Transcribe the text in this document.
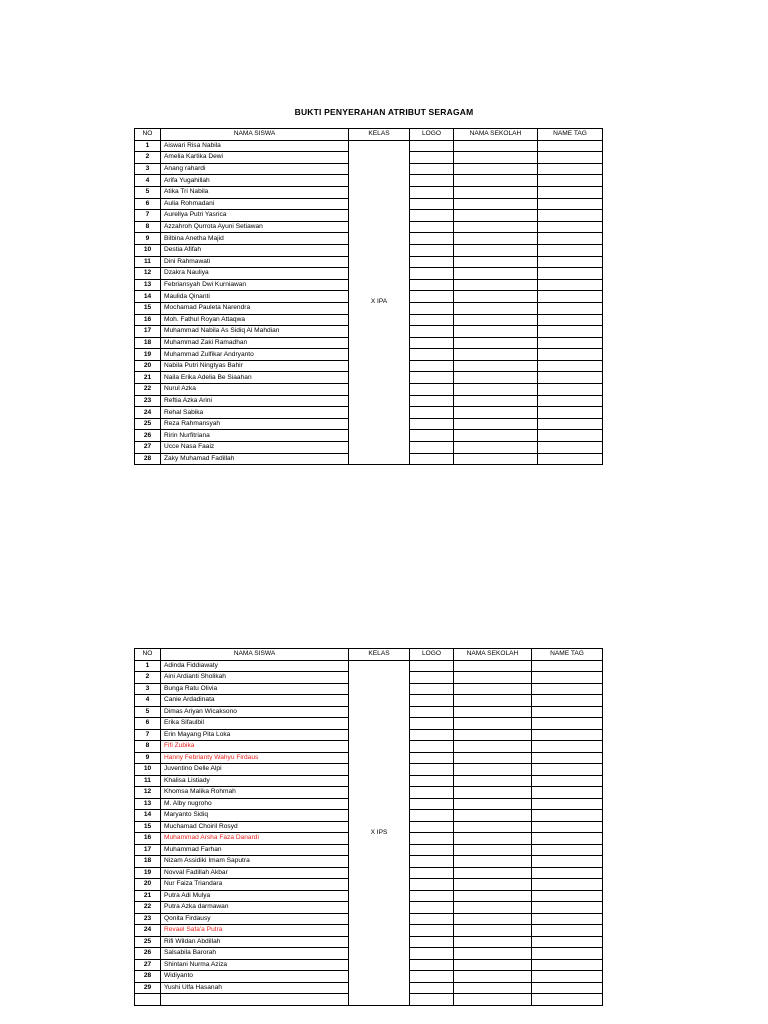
BUKTI PENYERAHAN ATRIBUT SERAGAM
NO	NAMA SISWA	KELAS	LOGO	NAMA SEKOLAH	NAME TAG
1	Aiswari Risa Nabila	X IPA			
2	Amelia Kartika Dewi				
3	Anang rahardi				
4	Arifa Yugahillah				
5	Atika Tri Nabila				
6	Aulia Rohmadani				
7	Aurellya Putri Yasrica				
8	Azzahroh Qurrota Ayuni Setiawan				
9	Bilbina Anetha Majid				
10	Destia Afifah				
11	Dini Rahmawati				
12	Dzakra Nauliya				
13	Febriansyah Dwi Kurniawan				
14	Maulida Qinanti				
15	Mochamad Pauleta Narendra				
16	Moh. Fathul Royan Attaqwa				
17	Muhammad Nabila As Sidiq Al Mahdian				
18	Muhammad Zaki Ramadhan				
19	Muhammad Zulfikar Andryanto				
20	Nabila Putri Ningtyas Bahir				
21	Naila Erika Adelia Be Siaahan				
22	Nurul Azka				
23	Reftia Azka Arini				
24	Rehal Sabika				
25	Reza Rahmansyah				
26	Ririn Nurfitriana				
27	Ucce Nasa Faaiz				
28	Zaky Muhamad Fadillah				
NO	NAMA SISWA	KELAS	LOGO	NAMA SEKOLAH	NAME TAG
1	Adinda Fiddiawaty	X IPS			
2	Aini Ardianti Sholikah				
3	Bunga Ratu Olivia				
4	Canie Ardadinata				
5	Dimas Ariyan Wicaksono				
6	Erika Sifaulbil				
7	Erin Mayang Pita Loka				
8	Fifi Zubika				
9	Hanny Febrianty Wahyu Firdaus				
10	Juventino Delle Alpi				
11	Khalisa Listiady				
12	Khomsa Malika Rohmah				
13	M. Alby nugroho				
14	Maryanto Sidiq				
15	Muchamad Choiril Rosyd				
16	Muhammad Arsha Faza Danardi				
17	Muhammad Farhan				
18	Nizam Assidiki Imam Saputra				
19	Novval Fadillah Akbar				
20	Nur Faiza Triandara				
21	Putra Adi Mulya				
22	Putra Azka darmawan				
23	Qonita Firdausy				
24	Revael Safa'a Putra				
25	Rifi Wildan Abdillah				
26	Salsabila Barorah				
27	Shintani Nurma Aziza				
28	Widiyanto				
29	Yushi Ulfa Hasanah				
